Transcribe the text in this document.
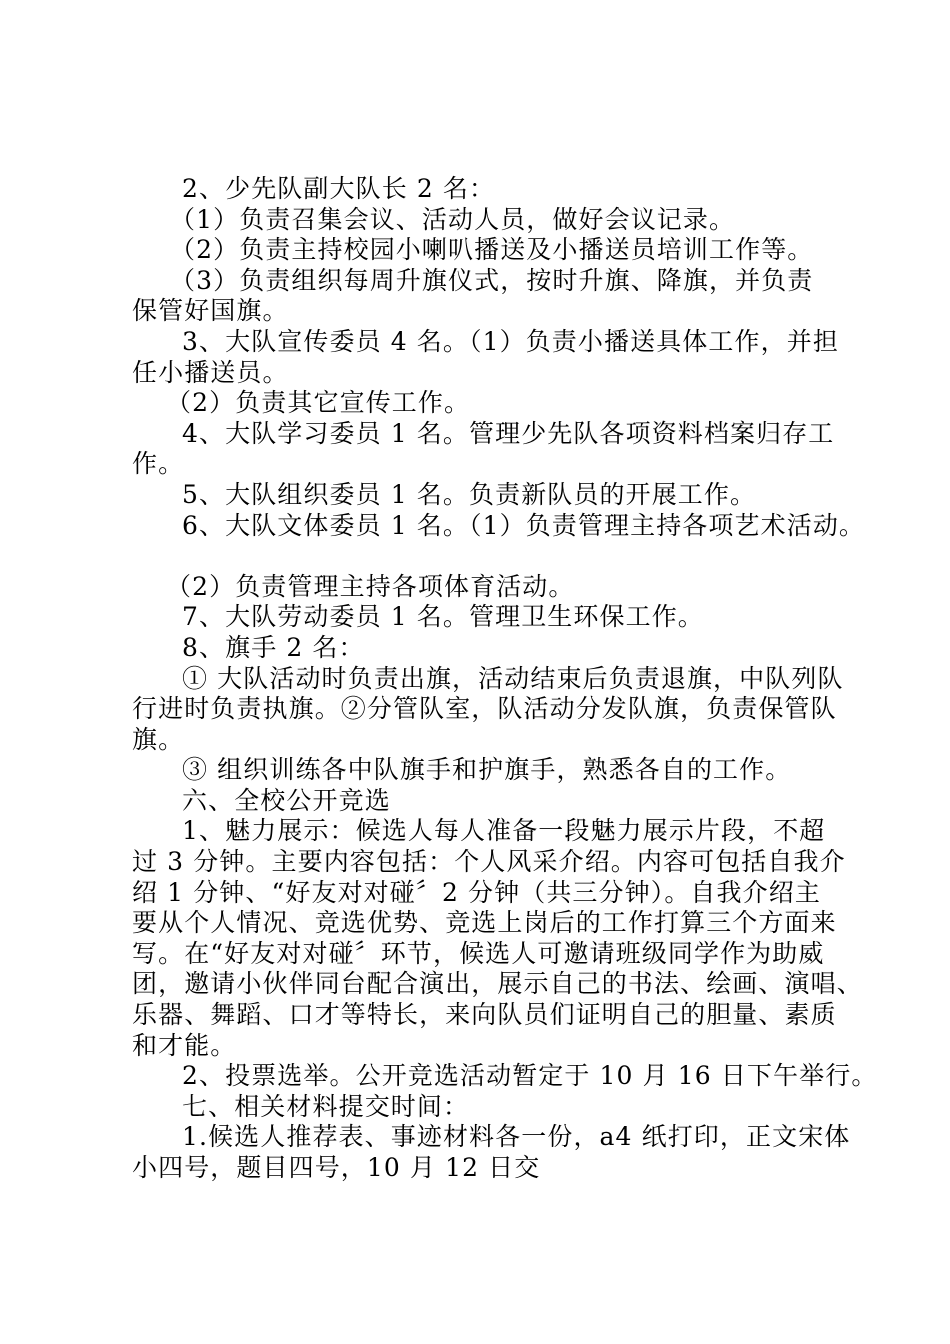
2、少先队副大队长 2 名：
（1）负责召集会议、活动人员，做好会议记录。
（2）负责主持校园小喇叭播送及小播送员培训工作等。
（3）负责组织每周升旗仪式，按时升旗、降旗，并负责
保管好国旗。
3、大队宣传委员 4 名。（1）负责小播送具体工作，并担
任小播送员。
（2）负责其它宣传工作。
4、大队学习委员 1 名。管理少先队各项资料档案归存工
作。
5、大队组织委员 1 名。负责新队员的开展工作。
6、大队文体委员 1 名。（1）负责管理主持各项艺术活动。
（2）负责管理主持各项体育活动。
7、大队劳动委员 1 名。管理卫生环保工作。
8、旗手 2 名：
① 大队活动时负责出旗，活动结束后负责退旗，中队列队
行进时负责执旗。②分管队室，队活动分发队旗，负责保管队
旗。
③ 组织训练各中队旗手和护旗手，熟悉各自的工作。
六、全校公开竞选
1、魅力展示：候选人每人准备一段魅力展示片段，不超
过 3 分钟。主要内容包括：个人风采介绍。内容可包括自我介
绍 1 分钟、“好友对对碰〞2 分钟（共三分钟）。自我介绍主
要从个人情况、竞选优势、竞选上岗后的工作打算三个方面来
写。在“好友对对碰〞环节，候选人可邀请班级同学作为助威
团，邀请小伙伴同台配合演出，展示自己的书法、绘画、演唱、
乐器、舞蹈、口才等特长，来向队员们证明自己的胆量、素质
和才能。
2、投票选举。公开竞选活动暂定于 10 月 16 日下午举行。
七、相关材料提交时间：
1.候选人推荐表、事迹材料各一份，a4 纸打印，正文宋体
小四号，题目四号，10 月 12 日交
